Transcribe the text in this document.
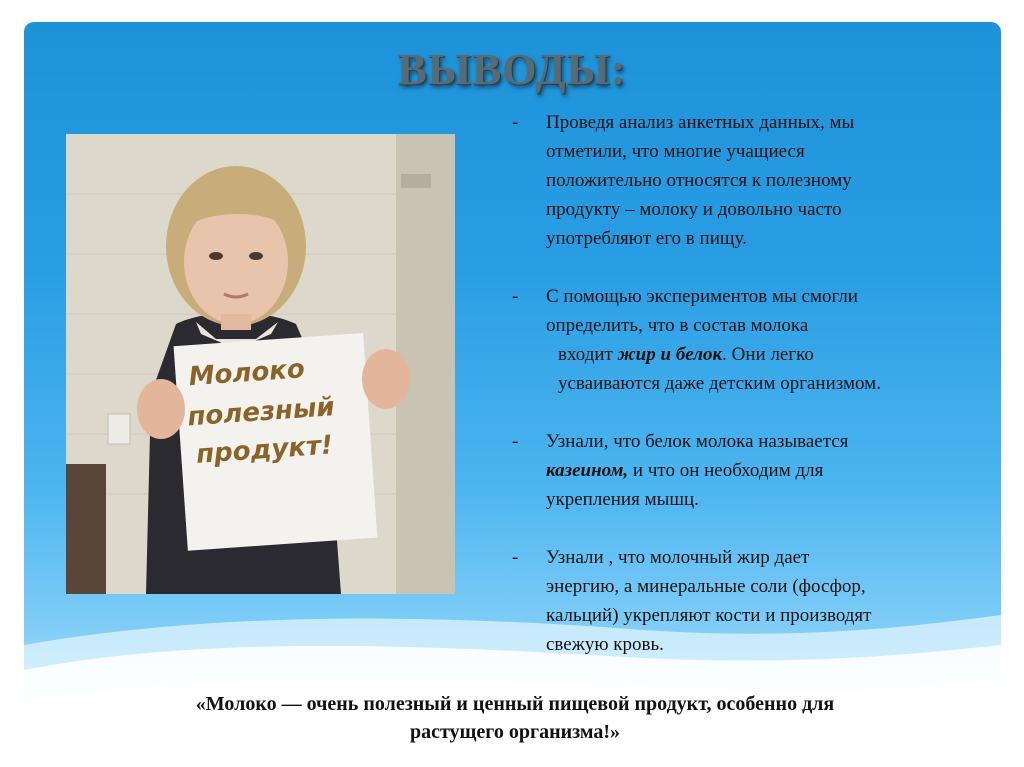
ВЫВОДЫ:
Молоко
полезный
продукт!
-	Проведя анализ анкетных данных, мы
отметили, что многие учащиеся
положительно относятся к полезному
продукту – молоку и довольно часто
употребляют его в пищу.
-	С помощью экспериментов мы смогли
определить, что в состав молока
входит жир и белок. Они легко
усваиваются даже детским организмом.
-	Узнали, что белок молока называется
казеином, и что он необходим для
укрепления мышц.
-	Узнали , что молочный жир дает
энергию, а минеральные соли (фосфор,
кальций) укрепляют кости и производят
свежую кровь.
«Молоко — очень полезный и ценный пищевой продукт, особенно для
растущего организма!»
